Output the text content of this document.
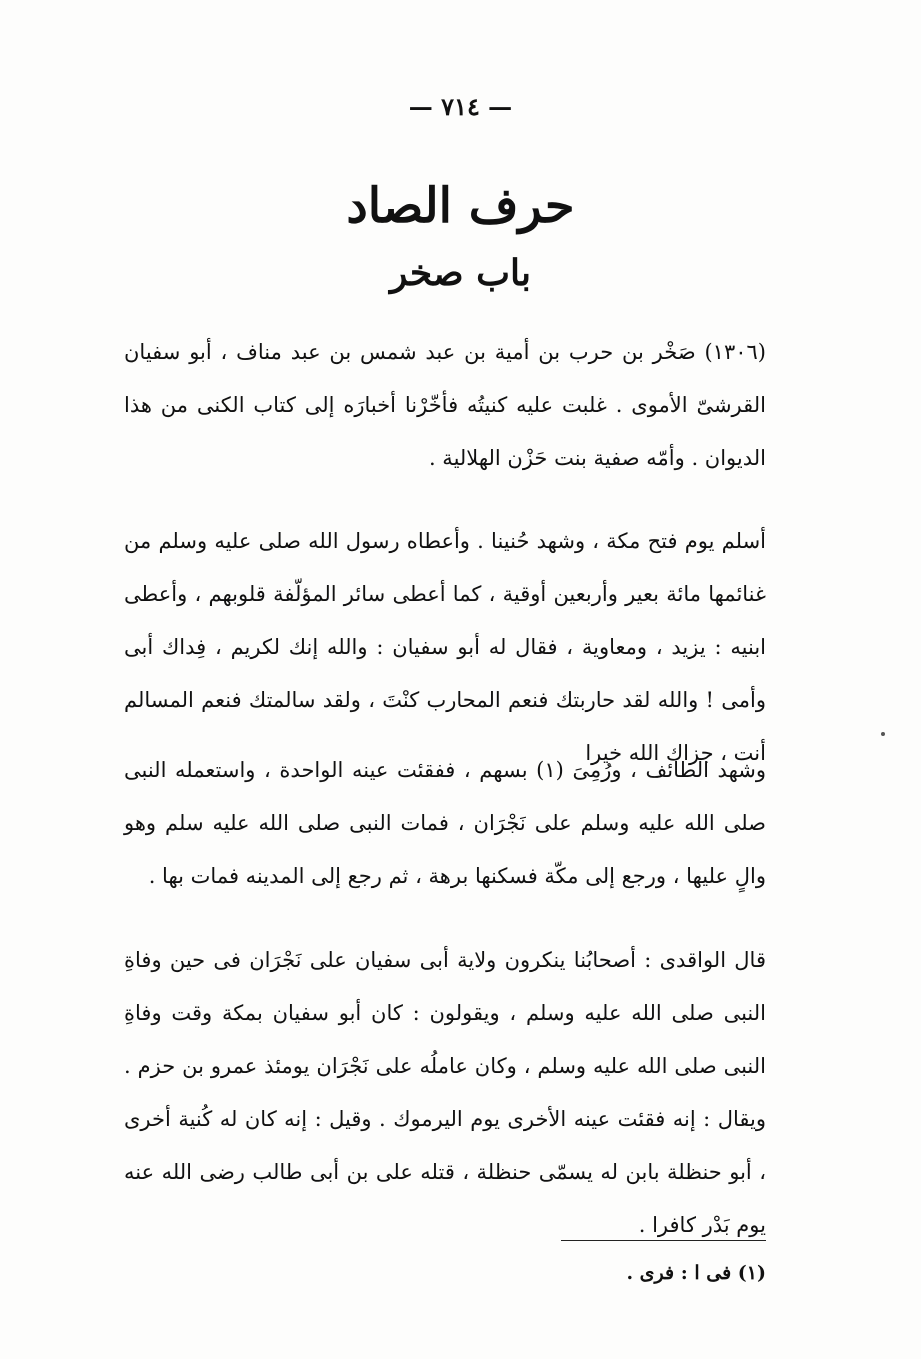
— ٧١٤ —
حرف الصاد
باب صخر

(١٣٠٦) صَخْر بن حرب بن أمية بن عبد شمس بن عبد مناف ، أبو سفيان القرشىّ الأموى . غلبت عليه كنيتُه فأخّرْنا أخبارَه إلى كتاب الكنى من هذا الديوان . وأمّه صفية بنت حَزْن الهلالية .

أسلم يوم فتح مكة ، وشهد حُنينا . وأعطاه رسول الله صلى عليه وسلم من غنائمها مائة بعير وأربعين أوقية ، كما أعطى سائر المؤلّفة قلوبهم ، وأعطى ابنيه : يزيد ، ومعاوية ، فقال له أبو سفيان : والله إنك لكريم ، فِداك أبى وأمى ! والله لقد حاربتك فنعم المحارب كنْتَ ، ولقد سالمتك فنعم المسالم أنت ، جزاك الله خيرا

وشهد الطائف ، ورُمِىَ (١) بسهم ، ففقئت عينه الواحدة ، واستعمله النبى صلى الله عليه وسلم على نَجْرَان ، فمات النبى صلى الله عليه سلم وهو والٍ عليها ، ورجع إلى مكّة فسكنها برهة ، ثم رجع إلى المدينه فمات بها .

قال الواقدى : أصحابُنا ينكرون ولاية أبى سفيان على نَجْرَان فى حين وفاةِ النبى صلى الله عليه وسلم ، ويقولون : كان أبو سفيان بمكة وقت وفاةِ النبى صلى الله عليه وسلم ، وكان عاملُه على نَجْرَان يومئذ عمرو بن حزم . ويقال : إنه فقئت عينه الأخرى يوم اليرموك . وقيل : إنه كان له كُنية أخرى ، أبو حنظلة بابن له يسمّى حنظلة ، قتله على بن أبى طالب رضى الله عنه يوم بَدْر كافرا .

(١) فى ا : فرى .
